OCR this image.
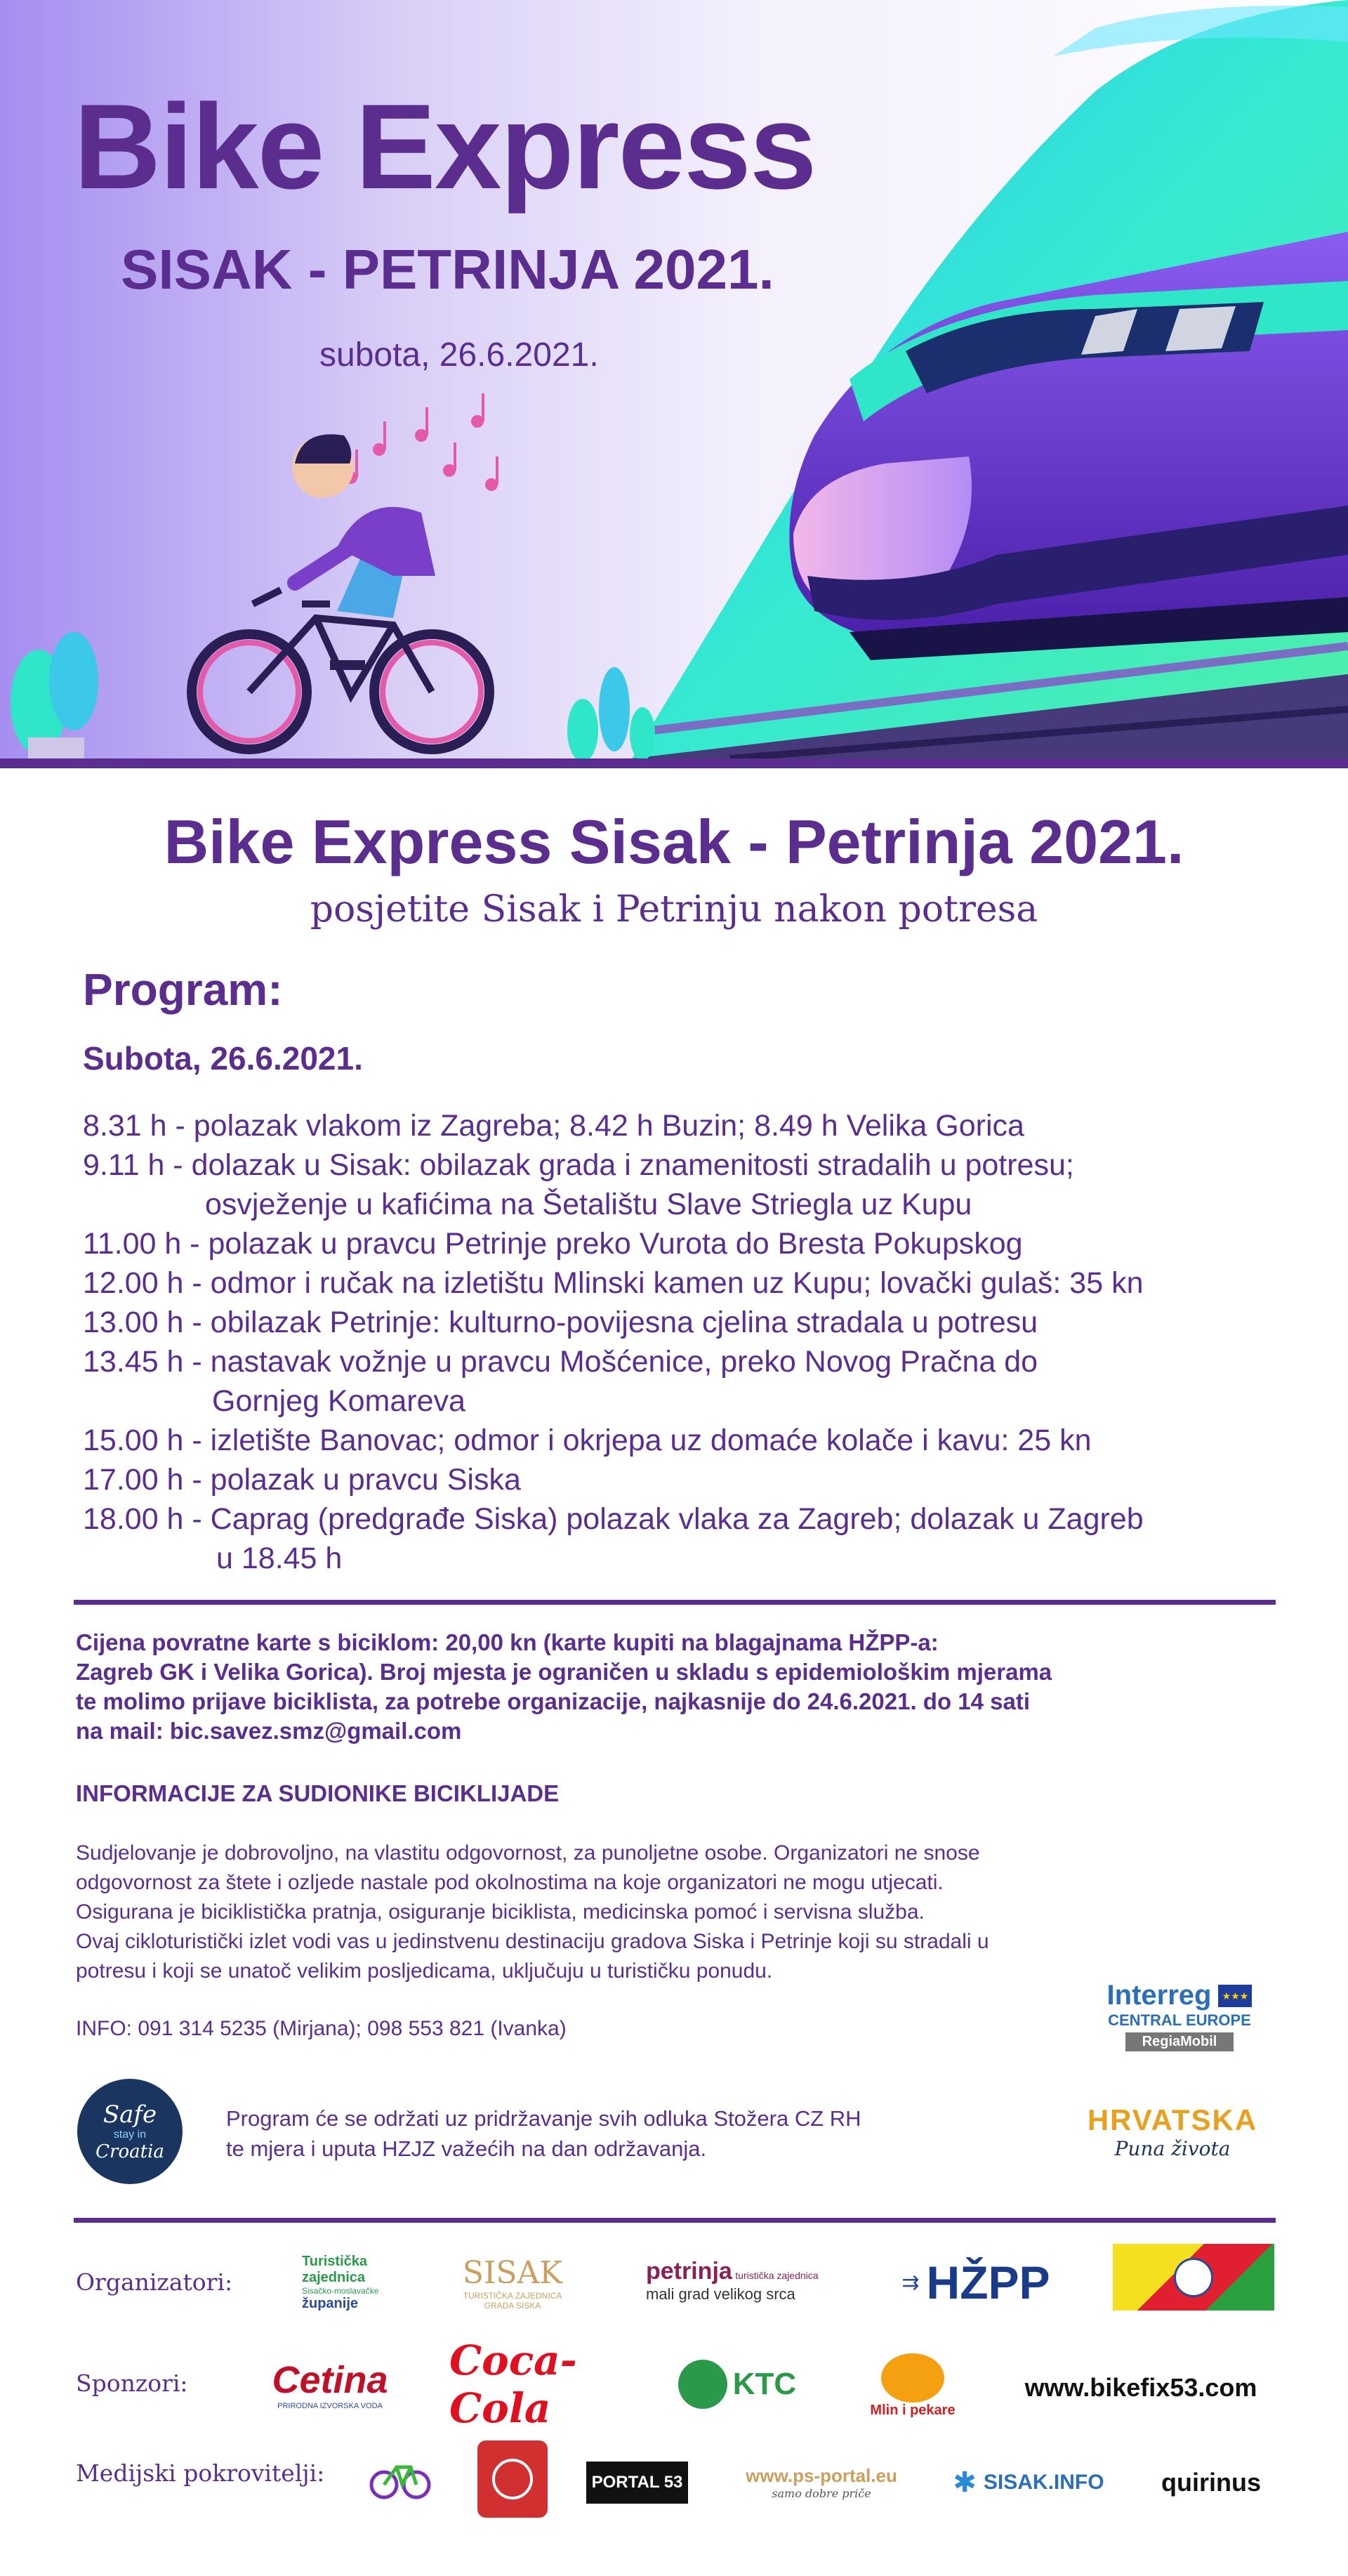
Bike Express
SISAK - PETRINJA 2021.
subota, 26.6.2021.
Bike Express Sisak - Petrinja 2021.
posjetite Sisak i Petrinju nakon potresa
Program:
Subota, 26.6.2021.
8.31 h - polazak vlakom iz Zagreba; 8.42 h Buzin; 8.49 h Velika Gorica
9.11 h - dolazak u Sisak: obilazak grada i znamenitosti stradalih u potresu;
osvježenje u kafićima na Šetalištu Slave Striegla uz Kupu
11.00 h - polazak u pravcu Petrinje preko Vurota do Bresta Pokupskog
12.00 h - odmor i ručak na izletištu Mlinski kamen uz Kupu; lovački gulaš: 35 kn
13.00 h - obilazak Petrinje: kulturno-povijesna cjelina stradala u potresu
13.45 h - nastavak vožnje u pravcu Mošćenice, preko Novog Pračna do
Gornjeg Komareva
15.00 h - izletište Banovac; odmor i okrjepa uz domaće kolače i kavu: 25 kn
17.00 h - polazak u pravcu Siska
18.00 h - Caprag (predgrađe Siska) polazak vlaka za Zagreb; dolazak u Zagreb
u 18.45 h
Cijena povratne karte s biciklom: 20,00 kn (karte kupiti na blagajnama HŽPP-a:
Zagreb GK i Velika Gorica). Broj mjesta je ograničen u skladu s epidemiološkim mjerama
te molimo prijave biciklista, za potrebe organizacije, najkasnije do 24.6.2021. do 14 sati
na mail: bic.savez.smz@gmail.com
INFORMACIJE ZA SUDIONIKE BICIKLIJADE
Sudjelovanje je dobrovoljno, na vlastitu odgovornost, za punoljetne osobe. Organizatori ne snose
odgovornost za štete i ozljede nastale pod okolnostima na koje organizatori ne mogu utjecati.
Osigurana je biciklistička pratnja, osiguranje biciklista, medicinska pomoć i servisna služba.
Ovaj cikloturistički izlet vodi vas u jedinstvenu destinaciju gradova Siska i Petrinje koji su stradali u
potresu i koji se unatoč velikim posljedicama, uključuju u turističku ponudu.
INFO: 091 314 5235 (Mirjana); 098 553 821 (Ivanka)
Interreg	★★★
CENTRAL EUROPE
RegiaMobil
Safe
stay in
Croatia
Program će se održati uz pridržavanje svih odluka Stožera CZ RH
te mjera i uputa HZJZ važećih na dan održavanja.
HRVATSKA
Puna života
Organizatori:
Turistička
zajednica
Sisačko-moslavačke
županije
SISAK
TURISTIČKA ZAJEDNICA
GRADA SISKA
petrinja turistička zajednica
mali grad velikog srca	⇉ HŽPP
Sponzori: Cetina
PRIRODNA IZVORSKA VODA
Coca-Cola
KTC
Mlin i pekare
www.bikefix53.com
Medijski pokrovitelji:	PORTAL 53	www.ps-portal.eu
samo dobre priče	✱ SISAK.INFO quirinus
